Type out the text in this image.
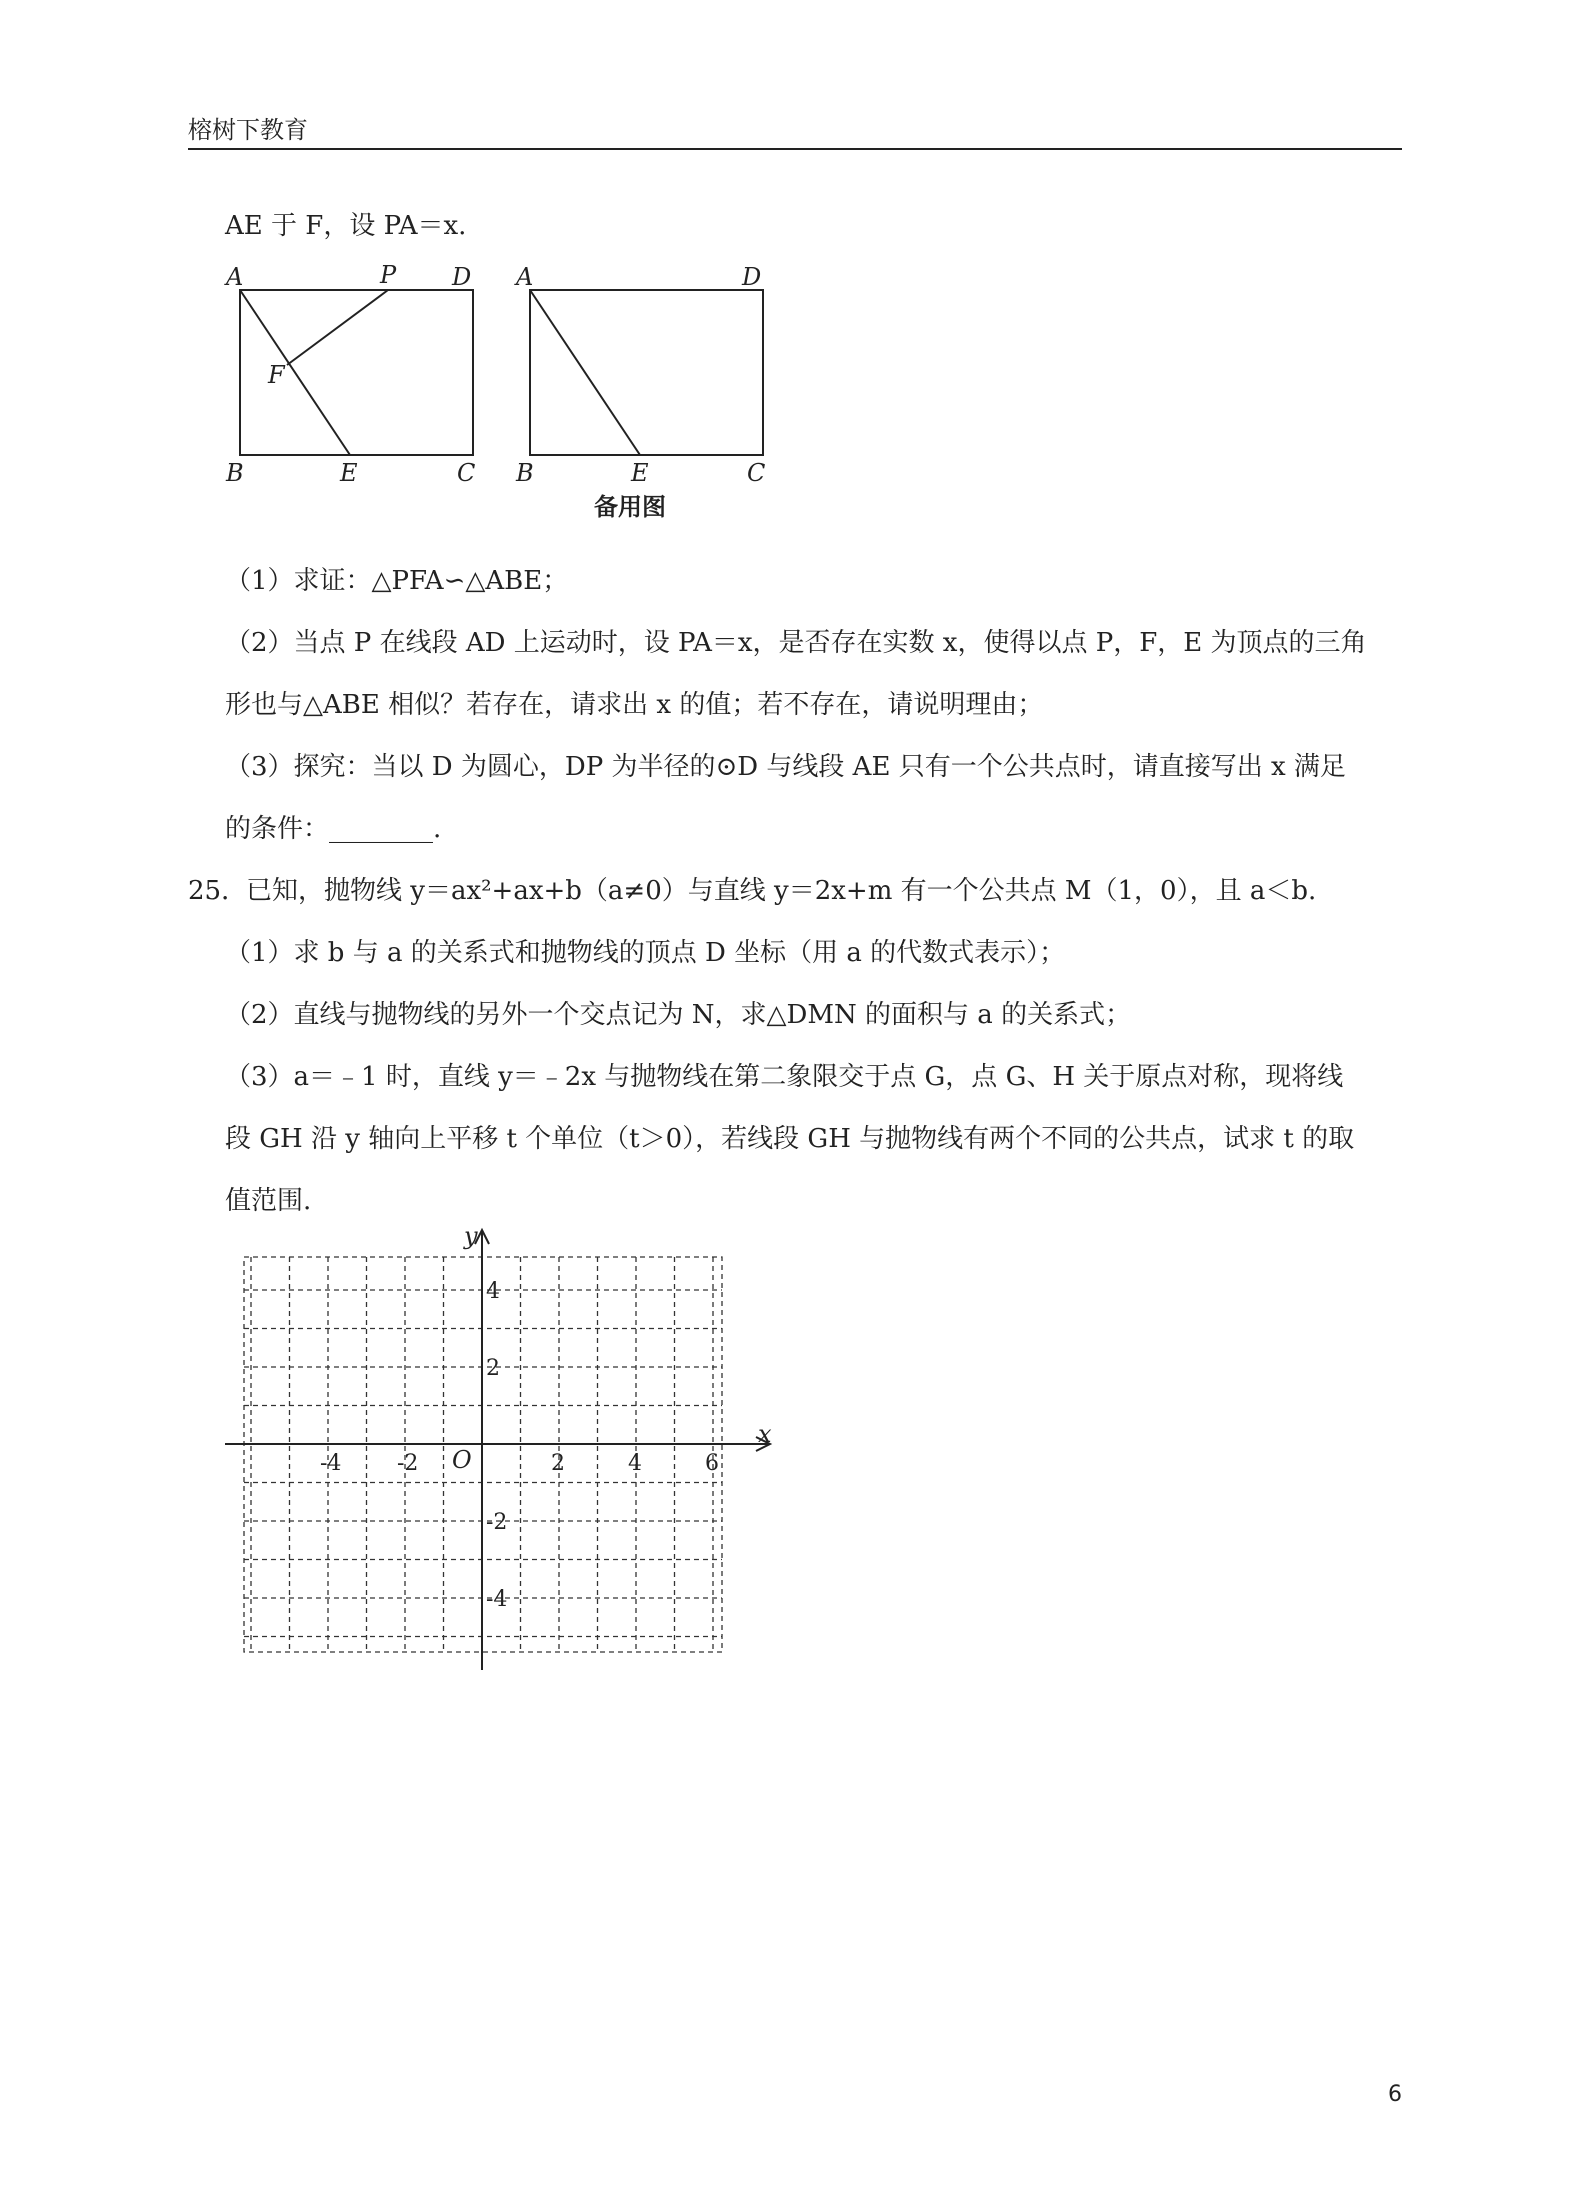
榕树下教育
AE 于 F，设 PA＝x.
A	P D
F
B	E	C
A	D
B	E	C
备用图
（1）求证：△PFA∽△ABE；
（2）当点 P 在线段 AD 上运动时，设 PA＝x，是否存在实数 x，使得以点 P，F，E 为顶点的三角
形也与△ABE 相似？若存在，请求出 x 的值；若不存在，请说明理由；
（3）探究：当以 D 为圆心，DP 为半径的⊙D 与线段 AE 只有一个公共点时，请直接写出 x 满足
的条件：________.
25．
已知，抛物线 y＝ax²+ax+b（a≠0）与直线 y＝2x+m 有一个公共点 M（1，0），且 a＜b.
（1）求 b 与 a 的关系式和抛物线的顶点 D 坐标（用 a 的代数式表示）；
（2）直线与抛物线的另外一个交点记为 N，求△DMN 的面积与 a 的关系式；
（3）a＝﹣1 时，直线 y＝﹣2x 与抛物线在第二象限交于点 G，点 G、H 关于原点对称，现将线
段 GH 沿 y 轴向上平移 t 个单位（t＞0），若线段 GH 与抛物线有两个不同的公共点，试求 t 的取
值范围.
x
y
O
-4	-2	2	4	6
4
2
-2
-4
6
